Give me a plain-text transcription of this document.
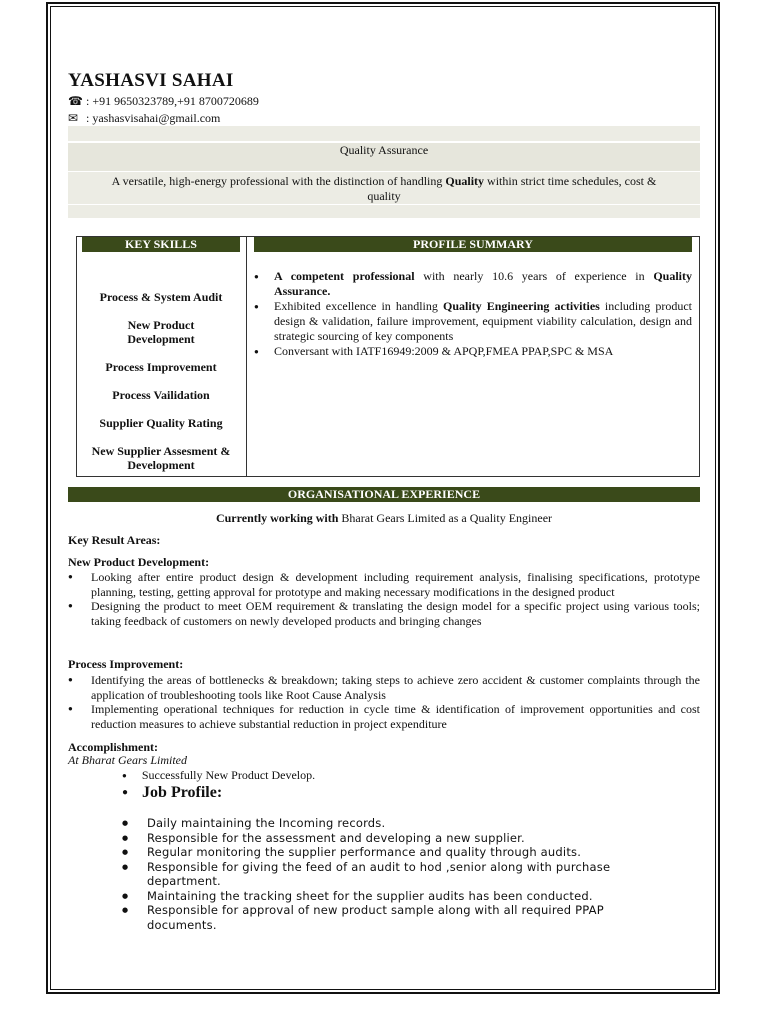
YASHASVI SAHAI
☎ : +91 9650323789,+91 8700720689
✉ : yashasvisahai@gmail.com
Quality Assurance
A versatile, high-energy professional with the distinction of handling Quality within strict time schedules, cost &
quality
KEY SKILLS	PROFILE SUMMARY
Process & System Audit
New Product Development
Process Improvement
Process Vailidation
Supplier Quality Rating
New Supplier Assesment & Development
● A competent professional with nearly 10.6 years of experience in Quality Assurance.
● Exhibited excellence in handling Quality Engineering activities including product design & validation, failure improvement, equipment viability calculation, design and strategic sourcing of key components
● Conversant with IATF16949:2009 & APQP,FMEA PPAP,SPC & MSA
ORGANISATIONAL EXPERIENCE
Currently working with Bharat Gears Limited as a Quality Engineer
Key Result Areas:
New Product Development:
● Looking after entire product design & development including requirement analysis, finalising specifications, prototype planning, testing, getting approval for prototype and making necessary modifications in the designed product
● Designing the product to meet OEM requirement & translating the design model for a specific project using various tools; taking feedback of customers on newly developed products and bringing changes
Process Improvement:
● Identifying the areas of bottlenecks & breakdown; taking steps to achieve zero accident & customer complaints through the application of troubleshooting tools like Root Cause Analysis
● Implementing operational techniques for reduction in cycle time & identification of improvement opportunities and cost reduction measures to achieve substantial reduction in project expenditure
Accomplishment:
At Bharat Gears Limited
● Successfully New Product Develop.
● Job Profile:
● Daily maintaining the Incoming records.
● Responsible for the assessment and developing a new supplier.
● Regular monitoring the supplier performance and quality through audits.
● Responsible for giving the feed of an audit to hod ,senior along with purchase department.
● Maintaining the tracking sheet for the supplier audits has been conducted.
● Responsible for approval of new product sample along with all required PPAP documents.
